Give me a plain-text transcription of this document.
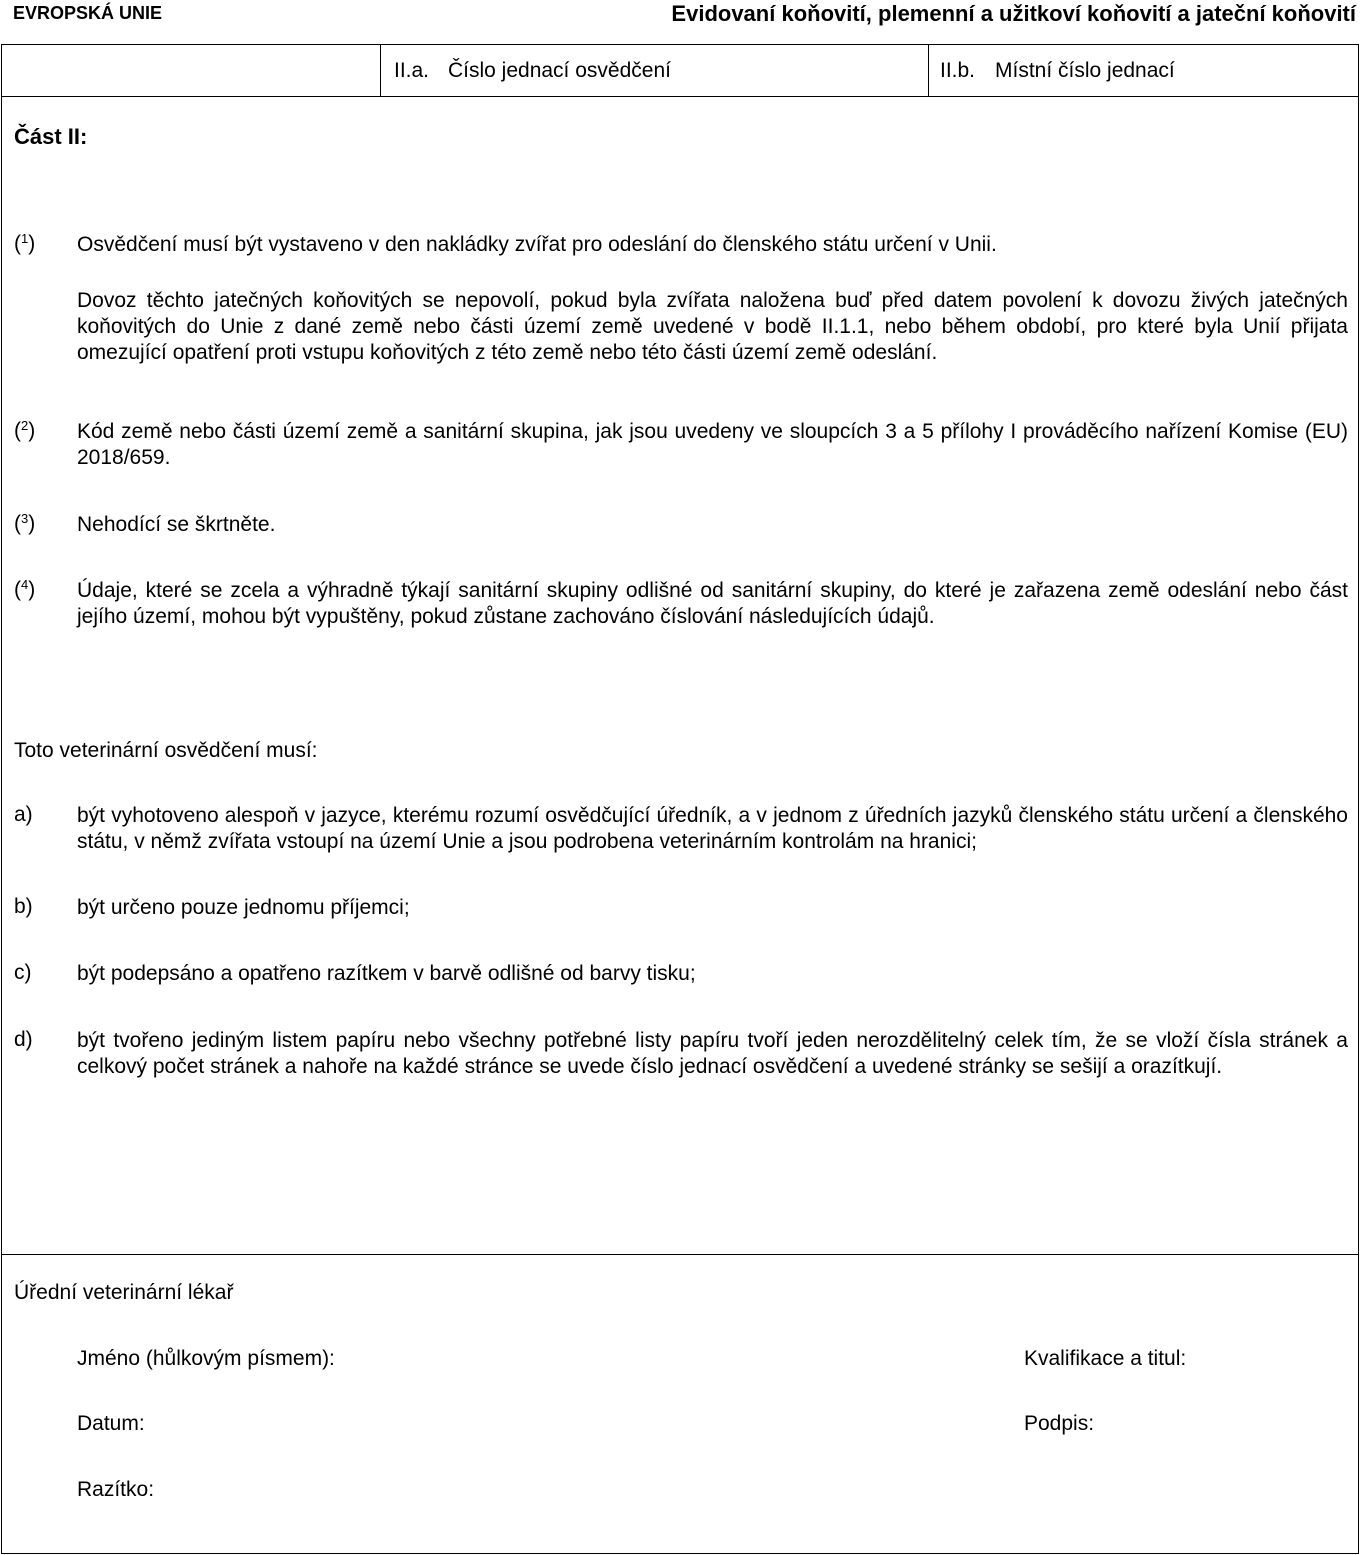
EVROPSKÁ UNIE	Evidovaní koňovití, plemenní a užitkoví koňovití a jateční koňovití
II.a. Číslo jednací osvědčení	II.b. Místní číslo jednací
Část II:
($^1$) Osvědčení musí být vystaveno v den nakládky zvířat pro odeslání do členského státu určení v Unii.

Dovoz těchto jatečných koňovitých se nepovolí, pokud byla zvířata naložena buď před datem povolení k dovozu živých jatečných koňovitých do Unie z dané země nebo části území země uvedené v bodě II.1.1, nebo během období, pro které byla Unií přijata omezující opatření proti vstupu koňovitých z této země nebo této části území země odeslání.

($^2$) Kód země nebo části území země a sanitární skupina, jak jsou uvedeny ve sloupcích 3 a 5 přílohy I prováděcího nařízení Komise (EU) 2018/659.
($^3$) Nehodící se škrtněte.
($^4$) Údaje, které se zcela a výhradně týkají sanitární skupiny odlišné od sanitární skupiny, do které je zařazena země odeslání nebo část jejího území, mohou být vypuštěny, pokud zůstane zachováno číslování následujících údajů.
Toto veterinární osvědčení musí:
a) být vyhotoveno alespoň v jazyce, kterému rozumí osvědčující úředník, a v jednom z úředních jazyků členského státu určení a členského státu, v němž zvířata vstoupí na území Unie a jsou podrobena veterinárním kontrolám na hranici;
b) být určeno pouze jednomu příjemci;
c) být podepsáno a opatřeno razítkem v barvě odlišné od barvy tisku;
d) být tvořeno jediným listem papíru nebo všechny potřebné listy papíru tvoří jeden nerozdělitelný celek tím, že se vloží čísla stránek a celkový počet stránek a nahoře na každé stránce se uvede číslo jednací osvědčení a uvedené stránky se sešijí a orazítkují.
Úřední veterinární lékař
Jméno (hůlkovým písmem):	Kvalifikace a titul:
Datum:	Podpis:
Razítko:
